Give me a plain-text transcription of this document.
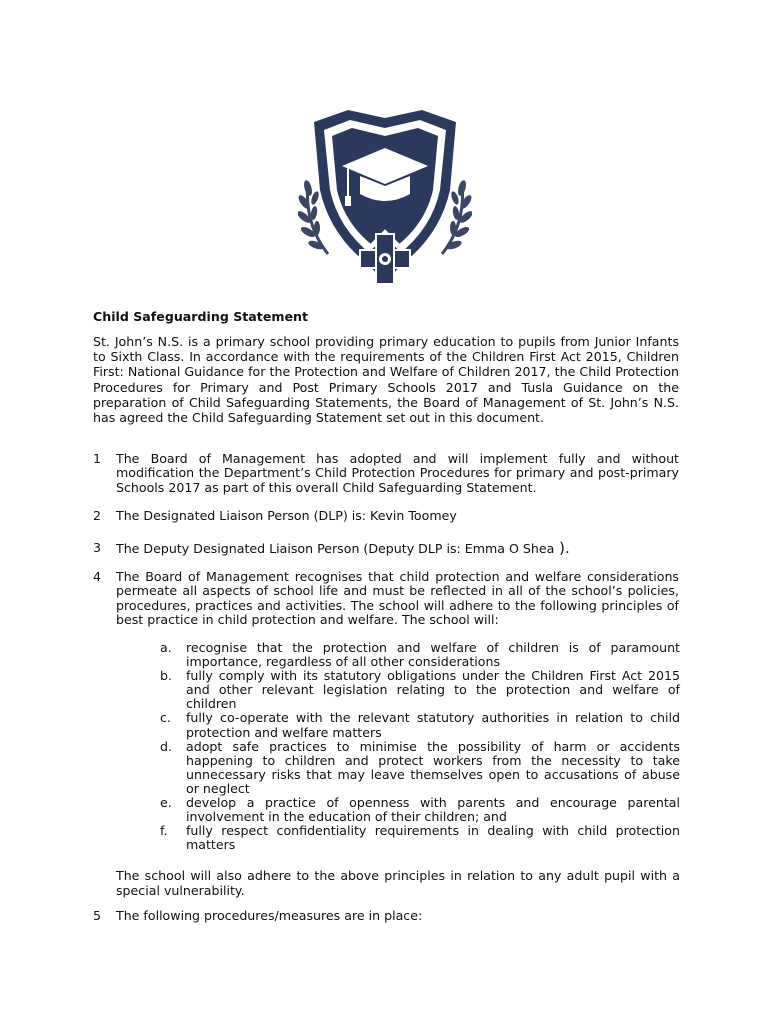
Child Safeguarding Statement
St. John’s N.S. is a primary school providing primary education to pupils from Junior Infants to Sixth Class. In accordance with the requirements of the Children First Act 2015, Children First: National Guidance for the Protection and Welfare of Children 2017, the Child Protection Procedures for Primary and Post Primary Schools 2017 and Tusla Guidance on the preparation of Child Safeguarding Statements, the Board of Management of St. John’s N.S. has agreed the Child Safeguarding Statement set out in this document.
1	The Board of Management has adopted and will implement fully and without modification the Department’s Child Protection Procedures for primary and post-primary Schools 2017 as part of this overall Child Safeguarding Statement.
2	The Designated Liaison Person (DLP) is: Kevin Toomey
3	The Deputy Designated Liaison Person (Deputy DLP is: Emma O Shea ).
4	The Board of Management recognises that child protection and welfare considerations permeate all aspects of school life and must be reflected in all of the school’s policies, procedures, practices and activities. The school will adhere to the following principles of best practice in child protection and welfare. The school will:
a.	recognise that the protection and welfare of children is of paramount importance, regardless of all other considerations
b.	fully comply with its statutory obligations under the Children First Act 2015 and other relevant legislation relating to the protection and welfare of children
c.	fully co-operate with the relevant statutory authorities in relation to child protection and welfare matters
d.	adopt safe practices to minimise the possibility of harm or accidents happening to children and protect workers from the necessity to take unnecessary risks that may leave themselves open to accusations of abuse or neglect
e.	develop a practice of openness with parents and encourage parental involvement in the education of their children; and
f.	fully respect confidentiality requirements in dealing with child protection matters
The school will also adhere to the above principles in relation to any adult pupil with a special vulnerability.
5	The following procedures/measures are in place:
